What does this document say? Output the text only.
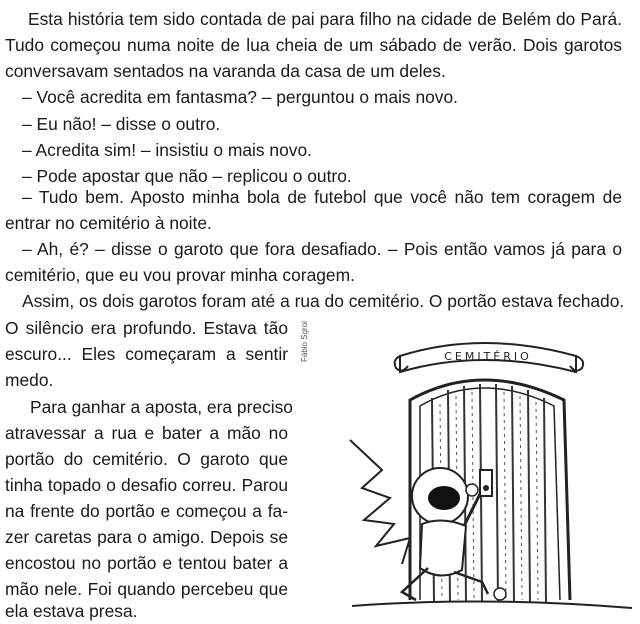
Esta história tem sido contada de pai para filho na cidade de Belém do Pará.
Tudo começou numa noite de lua cheia de um sábado de verão. Dois garotos
conversavam sentados na varanda da casa de um deles.
– Você acredita em fantasma? – perguntou o mais novo.
– Eu não! – disse o outro.
– Acredita sim! – insistiu o mais novo.
– Pode apostar que não – replicou o outro.
– Tudo bem. Aposto minha bola de futebol que você não tem coragem de
entrar no cemitério à noite.
– Ah, é? – disse o garoto que fora desafiado. – Pois então vamos já para o
cemitério, que eu vou provar minha coragem.
Assim, os dois garotos foram até a rua do cemitério. O portão estava fechado.
O silêncio era profundo. Estava tão
escuro... Eles começaram a sentir
medo.
Para ganhar a aposta, era preciso
atravessar a rua e bater a mão no
portão do cemitério. O garoto que
tinha topado o desafio correu. Parou
na frente do portão e começou a fa-
zer caretas para o amigo. Depois se
encostou no portão e tentou bater a
mão nele. Foi quando percebeu que
ela estava presa.
Fábio Sgroi	CEMITÉRIO
